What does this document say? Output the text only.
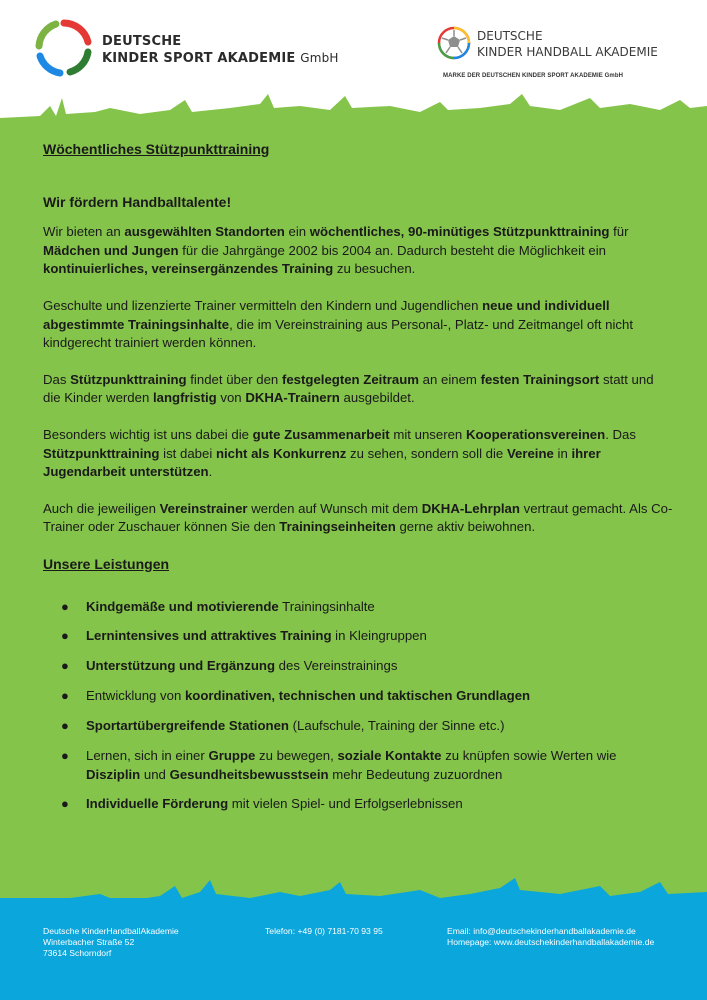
DEUTSCHE
KINDER SPORT AKADEMIE GmbH
DEUTSCHE
KINDER HANDBALL AKADEMIE
MARKE DER DEUTSCHEN KINDER SPORT AKADEMIE GmbH
Wöchentliches Stützpunkttraining
Wir fördern Handballtalente!
Wir bieten an ausgewählten Standorten ein wöchentliches, 90-minütiges Stützpunkttraining für Mädchen und Jungen für die Jahrgänge 2002 bis 2004 an. Dadurch besteht die Möglichkeit ein kontinuierliches, vereinsergänzendes Training zu besuchen.
Geschulte und lizenzierte Trainer vermitteln den Kindern und Jugendlichen neue und individuell abgestimmte Trainingsinhalte, die im Vereinstraining aus Personal-, Platz- und Zeitmangel oft nicht kindgerecht trainiert werden können.
Das Stützpunkttraining findet über den festgelegten Zeitraum an einem festen Trainingsort statt und die Kinder werden langfristig von DKHA-Trainern ausgebildet.
Besonders wichtig ist uns dabei die gute Zusammenarbeit mit unseren Kooperationsvereinen. Das Stützpunkttraining ist dabei nicht als Konkurrenz zu sehen, sondern soll die Vereine in ihrer Jugendarbeit unterstützen.
Auch die jeweiligen Vereinstrainer werden auf Wunsch mit dem DKHA-Lehrplan vertraut gemacht. Als Co-Trainer oder Zuschauer können Sie den Trainingseinheiten gerne aktiv beiwohnen.
Unsere Leistungen
● Kindgemäße und motivierende Trainingsinhalte
● Lernintensives und attraktives Training in Kleingruppen
● Unterstützung und Ergänzung des Vereinstrainings
● Entwicklung von koordinativen, technischen und taktischen Grundlagen
● Sportartübergreifende Stationen (Laufschule, Training der Sinne etc.)
● Lernen, sich in einer Gruppe zu bewegen, soziale Kontakte zu knüpfen sowie Werten wie Disziplin und Gesundheitsbewusstsein mehr Bedeutung zuzuordnen
● Individuelle Förderung mit vielen Spiel- und Erfolgserlebnissen
Deutsche KinderHandballAkademie
Winterbacher Straße 52
73614 Schorndorf
Telefon: +49 (0) 7181-70 93 95	Email: info@deutschekinderhandballakademie.de
Homepage: www.deutschekinderhandballakademie.de
